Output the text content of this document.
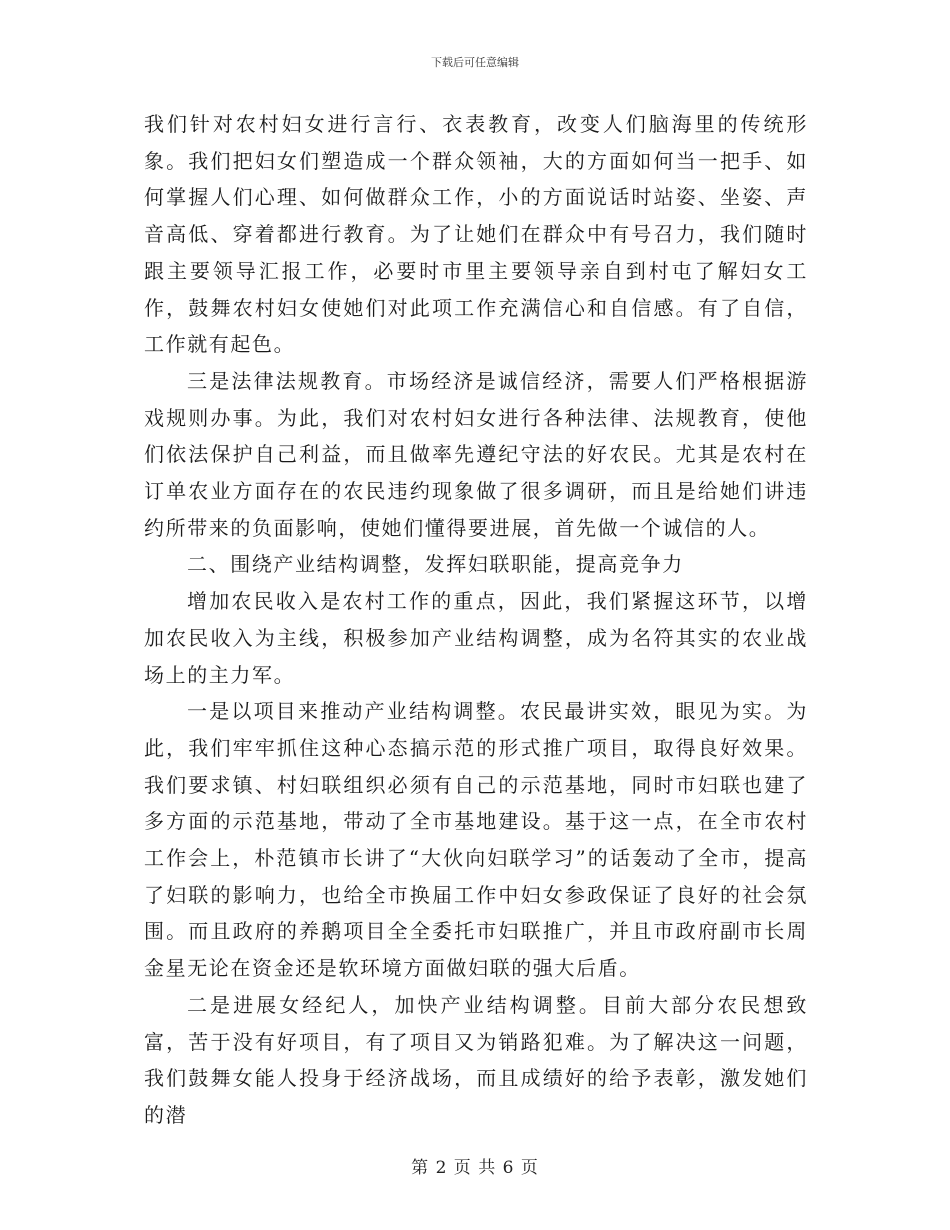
下载后可任意编辑

我们针对农村妇女进行言行、衣表教育，改变人们脑海里的传统形象。我们把妇女们塑造成一个群众领袖，大的方面如何当一把手、如何掌握人们心理、如何做群众工作，小的方面说话时站姿、坐姿、声音高低、穿着都进行教育。为了让她们在群众中有号召力，我们随时跟主要领导汇报工作，必要时市里主要领导亲自到村屯了解妇女工作，鼓舞农村妇女使她们对此项工作充满信心和自信感。有了自信，工作就有起色。

三是法律法规教育。市场经济是诚信经济，需要人们严格根据游戏规则办事。为此，我们对农村妇女进行各种法律、法规教育，使他们依法保护自己利益，而且做率先遵纪守法的好农民。尤其是农村在订单农业方面存在的农民违约现象做了很多调研，而且是给她们讲违约所带来的负面影响，使她们懂得要进展，首先做一个诚信的人。

二、围绕产业结构调整，发挥妇联职能，提高竞争力

增加农民收入是农村工作的重点，因此，我们紧握这环节，以增加农民收入为主线，积极参加产业结构调整，成为名符其实的农业战场上的主力军。

一是以项目来推动产业结构调整。农民最讲实效，眼见为实。为此，我们牢牢抓住这种心态搞示范的形式推广项目，取得良好效果。我们要求镇、村妇联组织必须有自己的示范基地，同时市妇联也建了多方面的示范基地，带动了全市基地建设。基于这一点，在全市农村工作会上，朴范镇市长讲了“大伙向妇联学习”的话轰动了全市，提高了妇联的影响力，也给全市换届工作中妇女参政保证了良好的社会氛围。而且政府的养鹅项目全全委托市妇联推广，并且市政府副市长周金星无论在资金还是软环境方面做妇联的强大后盾。

二是进展女经纪人，加快产业结构调整。目前大部分农民想致富，苦于没有好项目，有了项目又为销路犯难。为了解决这一问题，我们鼓舞女能人投身于经济战场，而且成绩好的给予表彰，激发她们的潜

第 2 页 共 6 页
